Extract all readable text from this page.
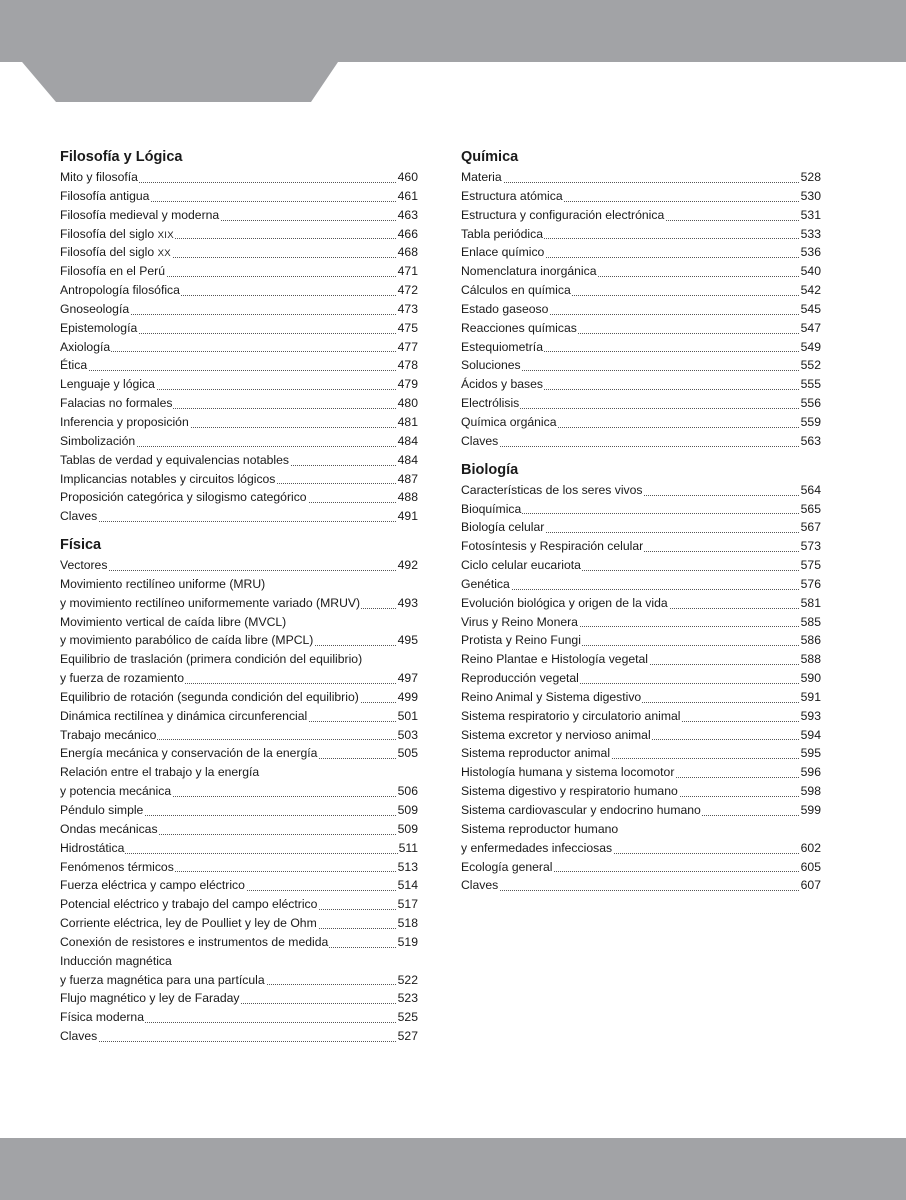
Filosofía y Lógica
Mito y filosofía	460
Filosofía antigua	461
Filosofía medieval y moderna	463
Filosofía del siglo XIX	466
Filosofía del siglo XX	468
Filosofía en el Perú	471
Antropología filosófica	472
Gnoseología	473
Epistemología	475
Axiología	477
Ética	478
Lenguaje y lógica	479
Falacias no formales	480
Inferencia y proposición	481
Simbolización	484
Tablas de verdad y equivalencias notables	484
Implicancias notables y circuitos lógicos	487
Proposición categórica y silogismo categórico	488
Claves	491
Física
Vectores	492
Movimiento rectilíneo uniforme (MRU)
y movimiento rectilíneo uniformemente variado (MRUV)	493
Movimiento vertical de caída libre (MVCL)
y movimiento parabólico de caída libre (MPCL)	495
Equilibrio de traslación (primera condición del equilibrio)
y fuerza de rozamiento	497
Equilibrio de rotación (segunda condición del equilibrio)	499
Dinámica rectilínea y dinámica circunferencial	501
Trabajo mecánico	503
Energía mecánica y conservación de la energía	505
Relación entre el trabajo y la energía
y potencia mecánica	506
Péndulo simple	509
Ondas mecánicas	509
Hidrostática	511
Fenómenos térmicos	513
Fuerza eléctrica y campo eléctrico	514
Potencial eléctrico y trabajo del campo eléctrico	517
Corriente eléctrica, ley de Poulliet y ley de Ohm	518
Conexión de resistores e instrumentos de medida	519
Inducción magnética
y fuerza magnética para una partícula	522
Flujo magnético y ley de Faraday	523
Física moderna	525
Claves	527
Química
Materia	528
Estructura atómica	530
Estructura y configuración electrónica	531
Tabla periódica	533
Enlace químico	536
Nomenclatura inorgánica	540
Cálculos en química	542
Estado gaseoso	545
Reacciones químicas	547
Estequiometría	549
Soluciones	552
Ácidos y bases	555
Electrólisis	556
Química orgánica	559
Claves	563
Biología
Características de los seres vivos	564
Bioquímica	565
Biología celular	567
Fotosíntesis y Respiración celular	573
Ciclo celular eucariota	575
Genética	576
Evolución biológica y origen de la vida	581
Virus y Reino Monera	585
Protista y Reino Fungi	586
Reino Plantae e Histología vegetal	588
Reproducción vegetal	590
Reino Animal y Sistema digestivo	591
Sistema respiratorio y circulatorio animal	593
Sistema excretor y nervioso animal	594
Sistema reproductor animal	595
Histología humana y sistema locomotor	596
Sistema digestivo y respiratorio humano	598
Sistema cardiovascular y endocrino humano	599
Sistema reproductor humano
y enfermedades infecciosas	602
Ecología general	605
Claves	607
